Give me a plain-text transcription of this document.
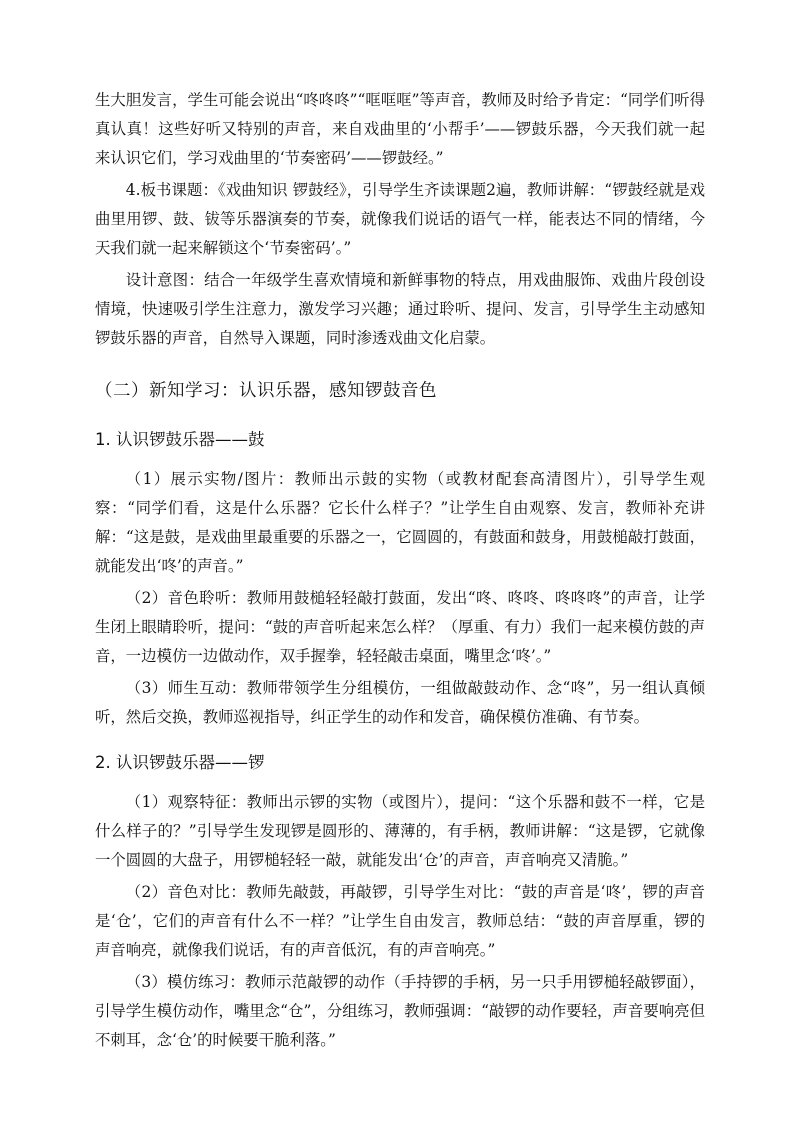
生大胆发言，学生可能会说出“咚咚咚”“哐哐哐”等声音，教师及时给予肯定：“同学们听得真认真！这些好听又特别的声音，来自戏曲里的‘小帮手’——锣鼓乐器，今天我们就一起来认识它们，学习戏曲里的‘节奏密码’——锣鼓经。”

4.板书课题：《戏曲知识 锣鼓经》，引导学生齐读课题2遍，教师讲解：“锣鼓经就是戏曲里用锣、鼓、钹等乐器演奏的节奏，就像我们说话的语气一样，能表达不同的情绪，今天我们就一起来解锁这个‘节奏密码’。”

设计意图：结合一年级学生喜欢情境和新鲜事物的特点，用戏曲服饰、戏曲片段创设情境，快速吸引学生注意力，激发学习兴趣；通过聆听、提问、发言，引导学生主动感知锣鼓乐器的声音，自然导入课题，同时渗透戏曲文化启蒙。

（二）新知学习：认识乐器，感知锣鼓音色
1. 认识锣鼓乐器——鼓

（1）展示实物/图片：教师出示鼓的实物（或教材配套高清图片），引导学生观察：“同学们看，这是什么乐器？它长什么样子？”让学生自由观察、发言，教师补充讲解：“这是鼓，是戏曲里最重要的乐器之一，它圆圆的，有鼓面和鼓身，用鼓槌敲打鼓面，就能发出‘咚’的声音。”

（2）音色聆听：教师用鼓槌轻轻敲打鼓面，发出“咚、咚咚、咚咚咚”的声音，让学生闭上眼睛聆听，提问：“鼓的声音听起来怎么样？（厚重、有力）我们一起来模仿鼓的声音，一边模仿一边做动作，双手握拳，轻轻敲击桌面，嘴里念‘咚’。”

（3）师生互动：教师带领学生分组模仿，一组做敲鼓动作、念“咚”，另一组认真倾听，然后交换，教师巡视指导，纠正学生的动作和发音，确保模仿准确、有节奏。

2. 认识锣鼓乐器——锣

（1）观察特征：教师出示锣的实物（或图片），提问：“这个乐器和鼓不一样，它是什么样子的？”引导学生发现锣是圆形的、薄薄的，有手柄，教师讲解：“这是锣，它就像一个圆圆的大盘子，用锣槌轻轻一敲，就能发出‘仓’的声音，声音响亮又清脆。”

（2）音色对比：教师先敲鼓，再敲锣，引导学生对比：“鼓的声音是‘咚’，锣的声音是‘仓’，它们的声音有什么不一样？”让学生自由发言，教师总结：“鼓的声音厚重，锣的声音响亮，就像我们说话，有的声音低沉，有的声音响亮。”

（3）模仿练习：教师示范敲锣的动作（手持锣的手柄，另一只手用锣槌轻敲锣面），引导学生模仿动作，嘴里念“仓”，分组练习，教师强调：“敲锣的动作要轻，声音要响亮但不刺耳，念‘仓’的时候要干脆利落。”
